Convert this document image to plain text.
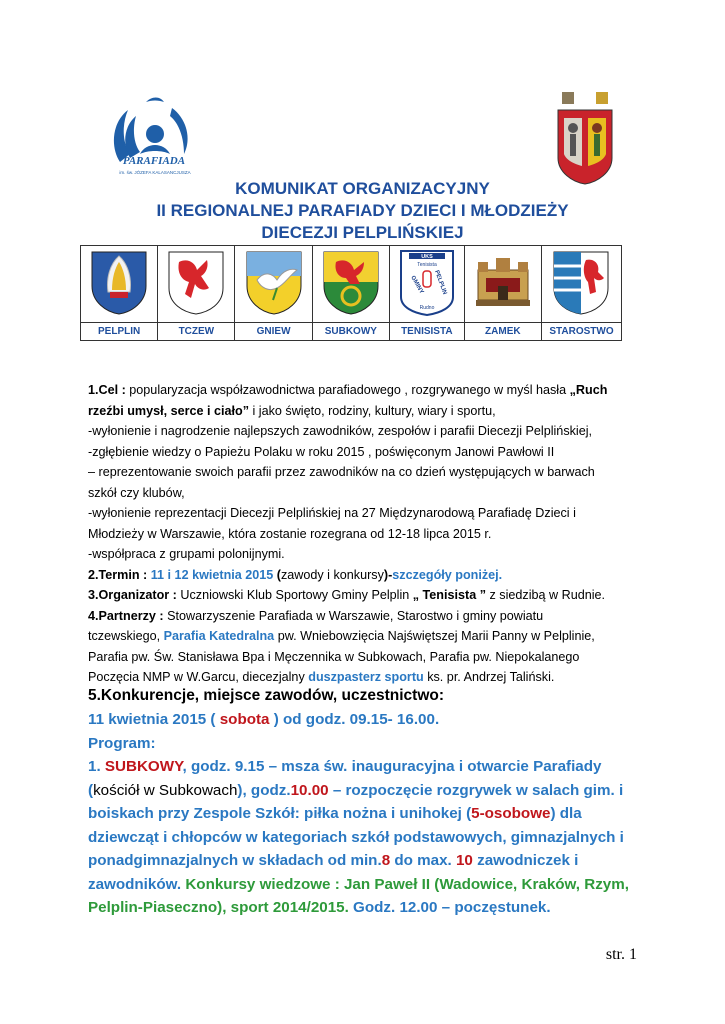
PARAFIADA
im. św. JÓZEFA KALASANCJUSZA
KOMUNIKAT ORGANIZACYJNY
II REGIONALNEJ PARAFIADY DZIECI I MŁODZIEŻY
DIECEZJI PELPLIŃSKIEJ

UKS
Tenisista
GMINY PELPLIN
Rudno

PELPLIN	TCZEW	GNIEW	SUBKOWY	TENISISTA	ZAMEK	STAROSTWO

1.Cel : popularyzacja współzawodnictwa parafiadowego , rozgrywanego w myśl hasła „Ruch

rzeźbi umysł, serce i ciało” i jako święto, rodziny, kultury, wiary i sportu,

-wyłonienie i nagrodzenie najlepszych zawodników, zespołów i parafii Diecezji Pelplińskiej,

-zgłębienie wiedzy o Papieżu Polaku w roku 2015 , poświęconym Janowi Pawłowi II

– reprezentowanie swoich parafii przez zawodników na co dzień występujących w barwach

szkół czy klubów,

-wyłonienie reprezentacji Diecezji Pelplińskiej na 27 Międzynarodową Parafiadę Dzieci i

Młodzieży w Warszawie, która zostanie rozegrana od 12-18 lipca 2015 r.

-współpraca z grupami polonijnymi.

2.Termin : 11 i 12 kwietnia 2015 (zawody i konkursy)-szczegóły poniżej.

3.Organizator : Uczniowski Klub Sportowy Gminy Pelplin „ Tenisista ” z siedzibą w Rudnie.

4.Partnerzy : Stowarzyszenie Parafiada w Warszawie, Starostwo i gminy powiatu

tczewskiego, Parafia Katedralna pw. Wniebowzięcia Najświętszej Marii Panny w Pelplinie,

Parafia pw. Św. Stanisława Bpa i Męczennika w Subkowach, Parafia pw. Niepokalanego

Poczęcia NMP w W.Garcu, diecezjalny duszpasterz sportu ks. pr. Andrzej Taliński.

5.Konkurencje, miejsce zawodów, uczestnictwo:
11 kwietnia 2015 ( sobota ) od godz. 09.15- 16.00.
Program:
1. SUBKOWY, godz. 9.15 – msza św. inauguracyjna i otwarcie Parafiady
(kościół w Subkowach), godz.10.00 – rozpoczęcie rozgrywek w salach gim. i
boiskach przy Zespole Szkół: piłka nożna i unihokej (5-osobowe) dla
dziewcząt i chłopców w kategoriach szkół podstawowych, gimnazjalnych i
ponadgimnazjalnych w składach od min.8 do max. 10 zawodniczek i
zawodników. Konkursy wiedzowe : Jan Paweł II (Wadowice, Kraków, Rzym,
Pelplin-Piaseczno), sport 2014/2015. Godz. 12.00 – poczęstunek.
str. 1
